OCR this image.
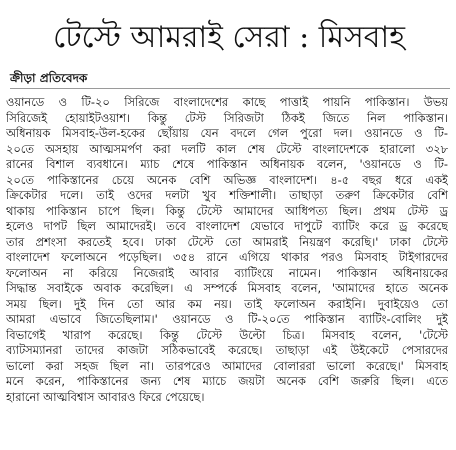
টেস্টে আমরাই সেরা : মিসবাহ
ক্রীড়া প্রতিবেদক
ওয়ানডে ও টি-২০ সিরিজে বাংলাদেশের কাছে পাত্তাই পায়নি পাকিস্তান। উভয়
সিরিজেই হোয়াইটওয়াশ। কিন্তু টেস্ট সিরিজটা ঠিকই জিতে নিল পাকিস্তান।
অধিনায়ক মিসবাহ-উল-হকের ছোঁয়ায় যেন বদলে গেল পুরো দল। ওয়ানডে ও টি-
২০তে অসহায় আত্মসমর্পণ করা দলটি কাল শেষ টেস্টে বাংলাদেশকে হারালো ৩২৮
রানের বিশাল ব্যবধানে। ম্যাচ শেষে পাকিস্তান অধিনায়ক বলেন, 'ওয়ানডে ও টি-
২০তে পাকিস্তানের চেয়ে অনেক বেশি অভিজ্ঞ বাংলাদেশ। ৪-৫ বছর ধরে একই
ক্রিকেটার দলে। তাই ওদের দলটা খুব শক্তিশালী। তাছাড়া তরুণ ক্রিকেটার বেশি
থাকায় পাকিস্তান চাপে ছিল। কিন্তু টেস্টে আমাদের আধিপত্য ছিল। প্রথম টেস্ট ড্র
হলেও দাপট ছিল আমাদেরই। তবে বাংলাদেশ যেভাবে দাপুটে ব্যাটিং করে ড্র করেছে
তার প্রশংসা করতেই হবে। ঢাকা টেস্টে তো আমরাই নিয়ন্ত্রণ করেছি।' ঢাকা টেস্টে
বাংলাদেশ ফলোঅনে পড়েছিল। ৩৫৪ রানে এগিয়ে থাকার পরও মিসবাহ টাইগারদের
ফলোঅন না করিয়ে নিজেরাই আবার ব্যাটিংয়ে নামেন। পাকিস্তান অধিনায়কের
সিদ্ধান্ত সবাইকে অবাক করেছিল। এ সম্পর্কে মিসবাহ বলেন, 'আমাদের হাতে অনেক
সময় ছিল। দুই দিন তো আর কম নয়। তাই ফলোঅন করাইনি। দুবাইয়েও তো
আমরা এভাবে জিতেছিলাম।' ওয়ানডে ও টি-২০তে পাকিস্তান ব্যাটিং-বোলিং দুই
বিভাগেই খারাপ করেছে। কিন্তু টেস্টে উল্টো চিত্র। মিসবাহ বলেন, 'টেস্টে
ব্যাটসম্যানরা তাদের কাজটা সঠিকভাবেই করেছে। তাছাড়া এই উইকেটে পেসারদের
ভালো করা সহজ ছিল না। তারপরেও আমাদের বোলাররা ভালো করেছে।' মিসবাহ
মনে করেন, পাকিস্তানের জন্য শেষ ম্যাচে জয়টা অনেক বেশি জরুরি ছিল। এতে
হারানো আত্মবিশ্বাস আবারও ফিরে পেয়েছে।
